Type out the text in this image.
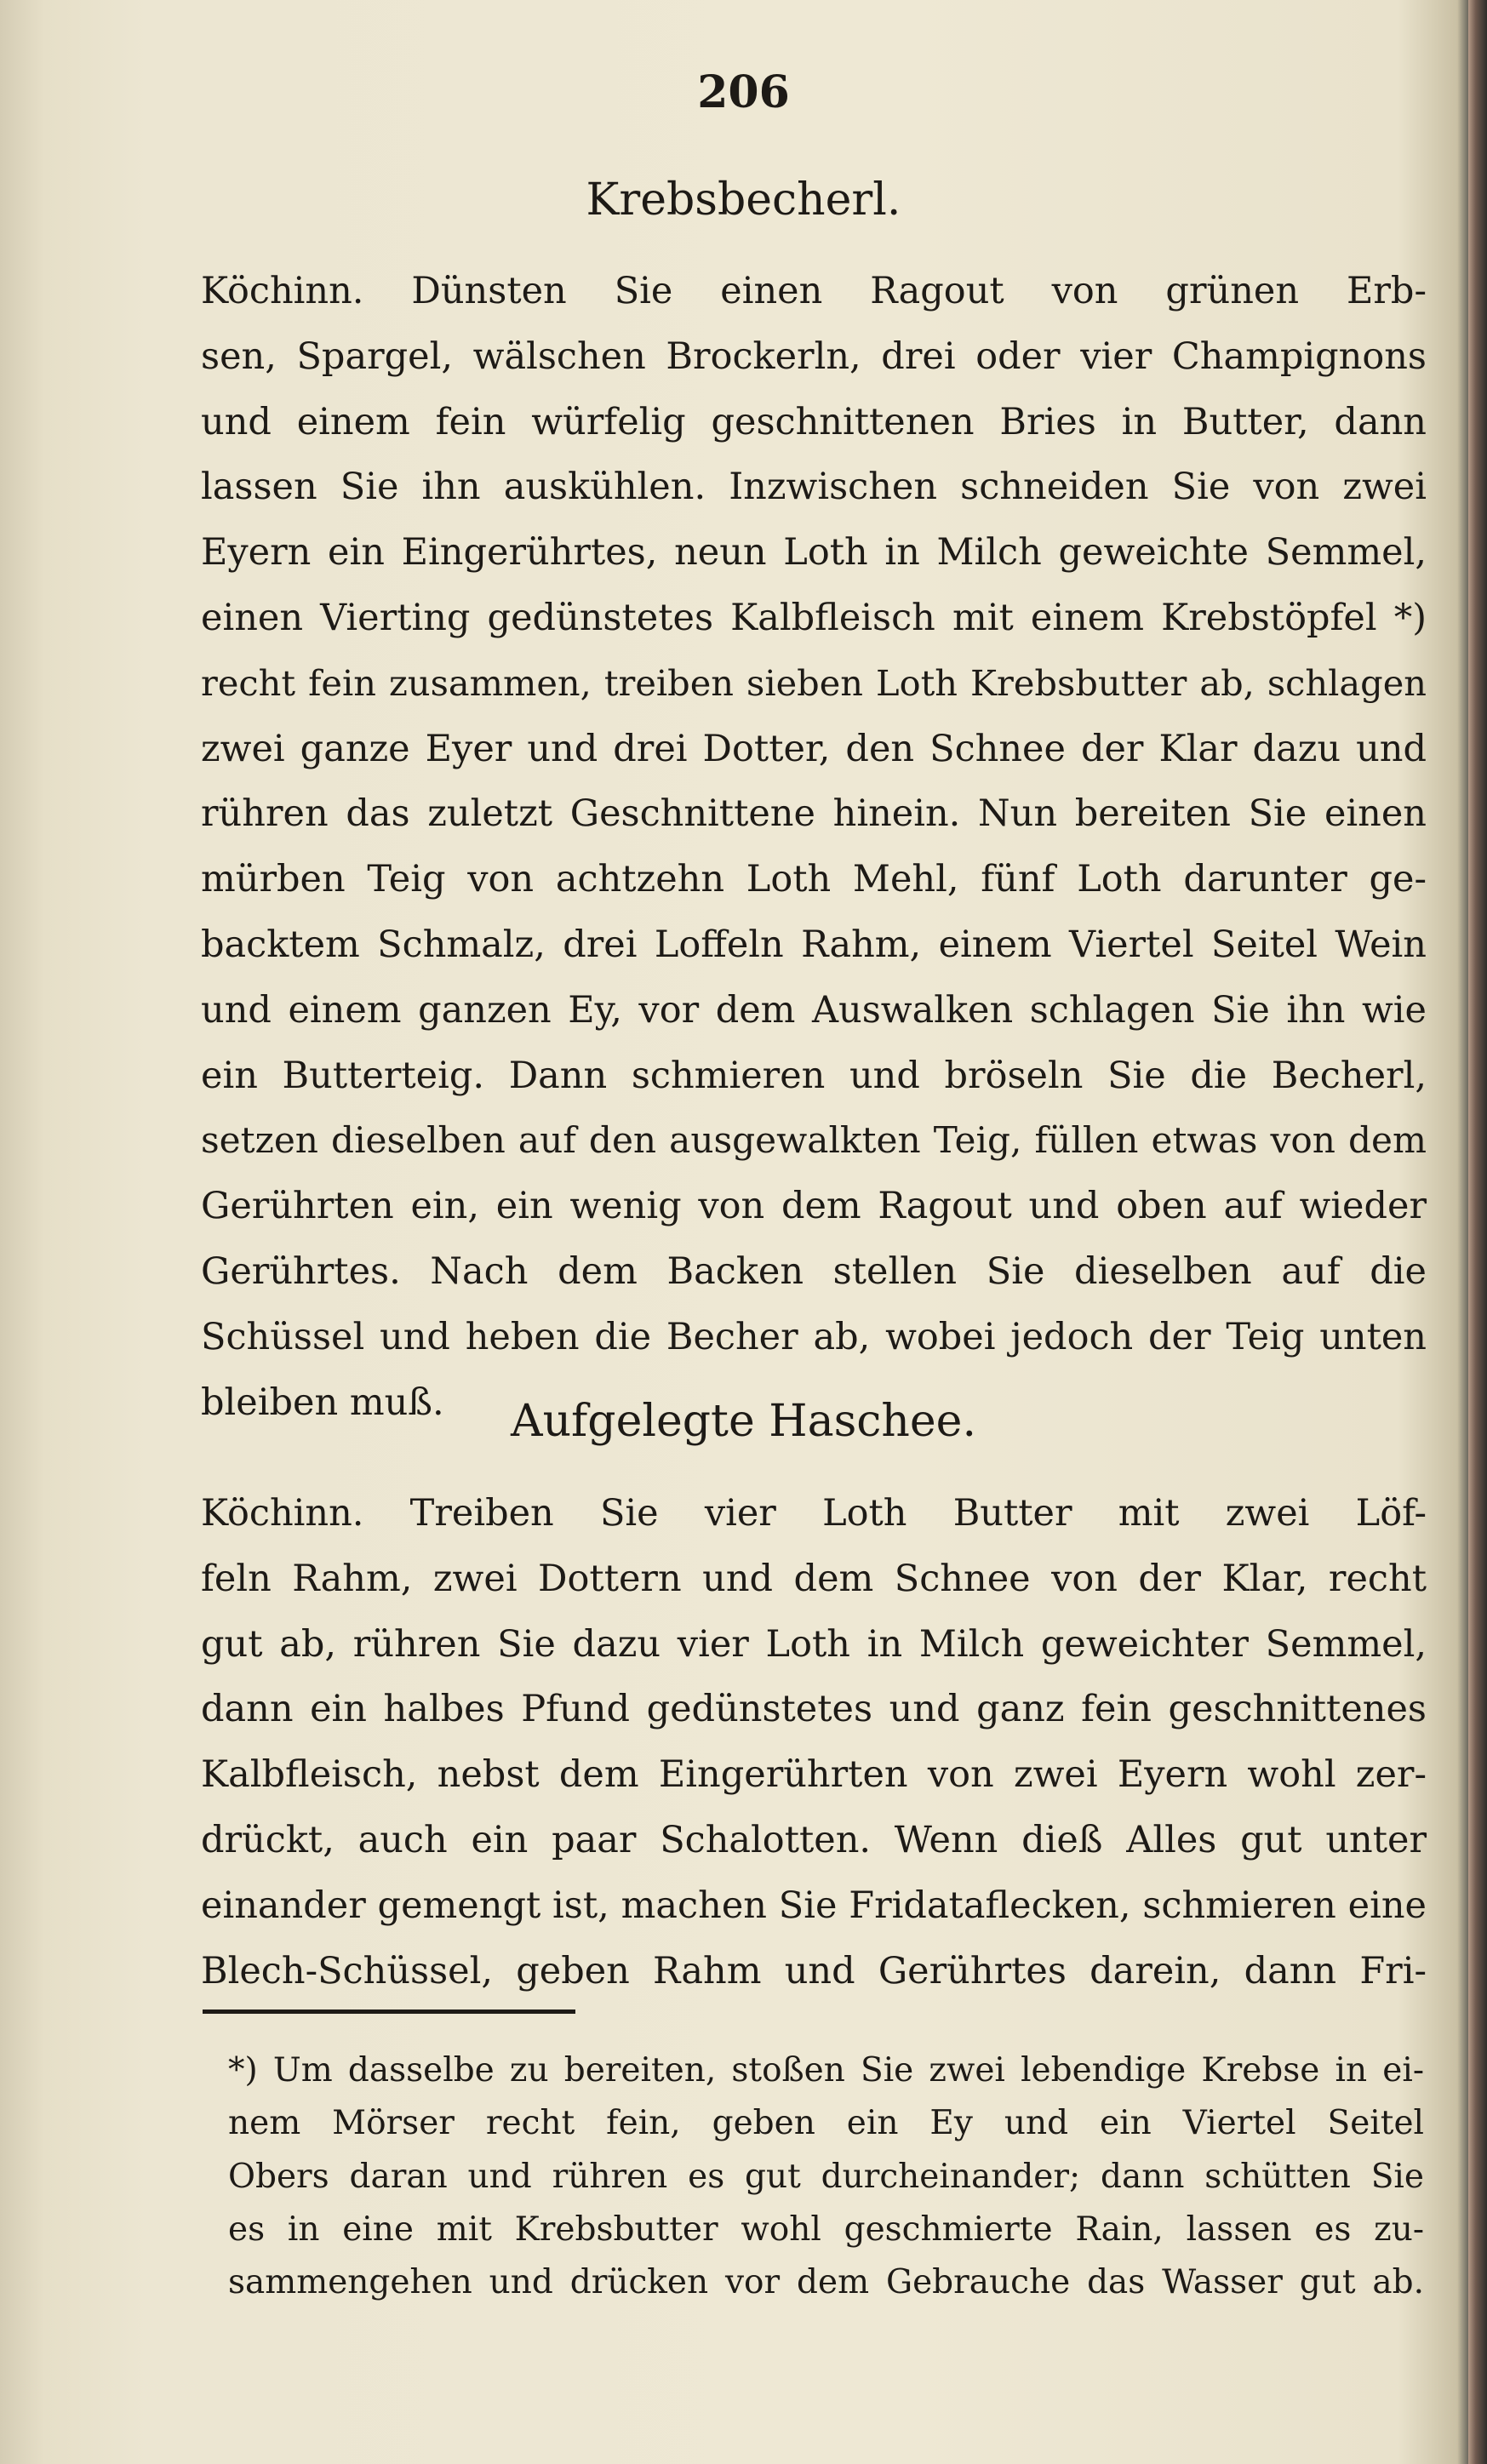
206
Krebsbecherl.
Köchinn. Dünsten Sie einen Ragout von grünen Erb-
sen, Spargel, wälschen Brockerln, drei oder vier Champignons
und einem fein würfelig geschnittenen Bries in Butter, dann
lassen Sie ihn auskühlen. Inzwischen schneiden Sie von zwei
Eyern ein Eingerührtes, neun Loth in Milch geweichte Semmel,
einen Vierting gedünstetes Kalbfleisch mit einem Krebstöpfel *)
recht fein zusammen, treiben sieben Loth Krebsbutter ab, schlagen
zwei ganze Eyer und drei Dotter, den Schnee der Klar dazu und
rühren das zuletzt Geschnittene hinein. Nun bereiten Sie einen
mürben Teig von achtzehn Loth Mehl, fünf Loth darunter ge-
backtem Schmalz, drei Loffeln Rahm, einem Viertel Seitel Wein
und einem ganzen Ey, vor dem Auswalken schlagen Sie ihn wie
ein Butterteig. Dann schmieren und bröseln Sie die Becherl,
setzen dieselben auf den ausgewalkten Teig, füllen etwas von dem
Gerührten ein, ein wenig von dem Ragout und oben auf wieder
Gerührtes. Nach dem Backen stellen Sie dieselben auf die
Schüssel und heben die Becher ab, wobei jedoch der Teig unten
bleiben muß.	Aufgelegte Haschee.
Köchinn. Treiben Sie vier Loth Butter mit zwei Löf-
feln Rahm, zwei Dottern und dem Schnee von der Klar, recht
gut ab, rühren Sie dazu vier Loth in Milch geweichter Semmel,
dann ein halbes Pfund gedünstetes und ganz fein geschnittenes
Kalbfleisch, nebst dem Eingerührten von zwei Eyern wohl zer-
drückt, auch ein paar Schalotten. Wenn dieß Alles gut unter
einander gemengt ist, machen Sie Fridataflecken, schmieren eine
Blech-Schüssel, geben Rahm und Gerührtes darein, dann Fri-
*) Um dasselbe zu bereiten, stoßen Sie zwei lebendige Krebse in ei-
nem Mörser recht fein, geben ein Ey und ein Viertel Seitel
Obers daran und rühren es gut durcheinander; dann schütten Sie
es in eine mit Krebsbutter wohl geschmierte Rain, lassen es zu-
sammengehen und drücken vor dem Gebrauche das Wasser gut ab.
